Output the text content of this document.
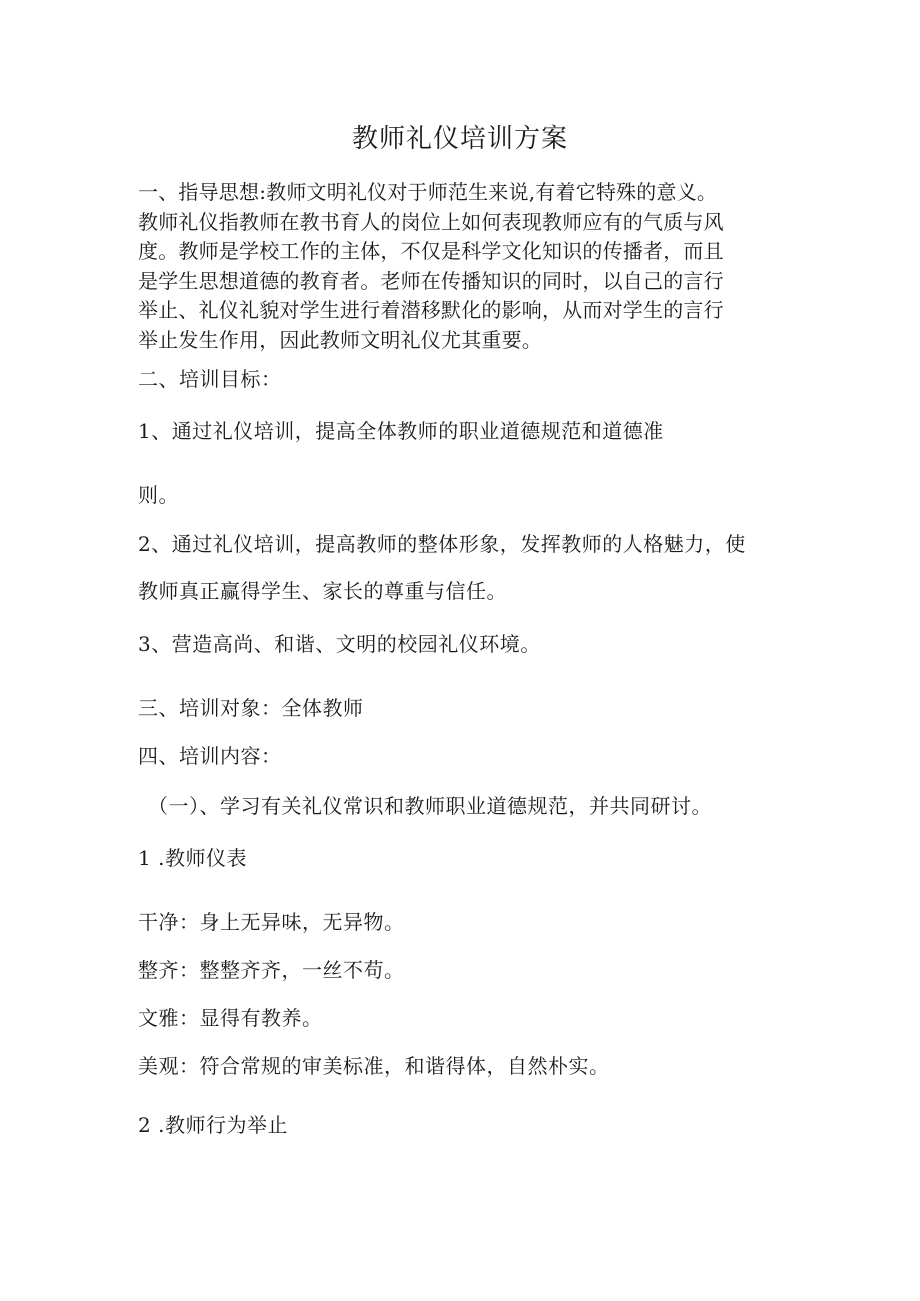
教师礼仪培训方案
一、指导思想:教师文明礼仪对于师范生来说,有着它特殊的意义。
教师礼仪指教师在教书育人的岗位上如何表现教师应有的气质与风
度。教师是学校工作的主体，不仅是科学文化知识的传播者，而且
是学生思想道德的教育者。老师在传播知识的同时，以自己的言行
举止、礼仪礼貌对学生进行着潜移默化的影响，从而对学生的言行
举止发生作用，因此教师文明礼仪尤其重要。
二、培训目标：
1、通过礼仪培训，提高全体教师的职业道德规范和道德准
则。
2、通过礼仪培训，提高教师的整体形象，发挥教师的人格魅力，使
教师真正赢得学生、家长的尊重与信任。
3、营造高尚、和谐、文明的校园礼仪环境。
三、培训对象：全体教师
四、培训内容：
（一）、学习有关礼仪常识和教师职业道德规范，并共同研讨。
1 .教师仪表
干净：身上无异味，无异物。
整齐：整整齐齐，一丝不苟。
文雅：显得有教养。
美观：符合常规的审美标准，和谐得体，自然朴实。
2 .教师行为举止
